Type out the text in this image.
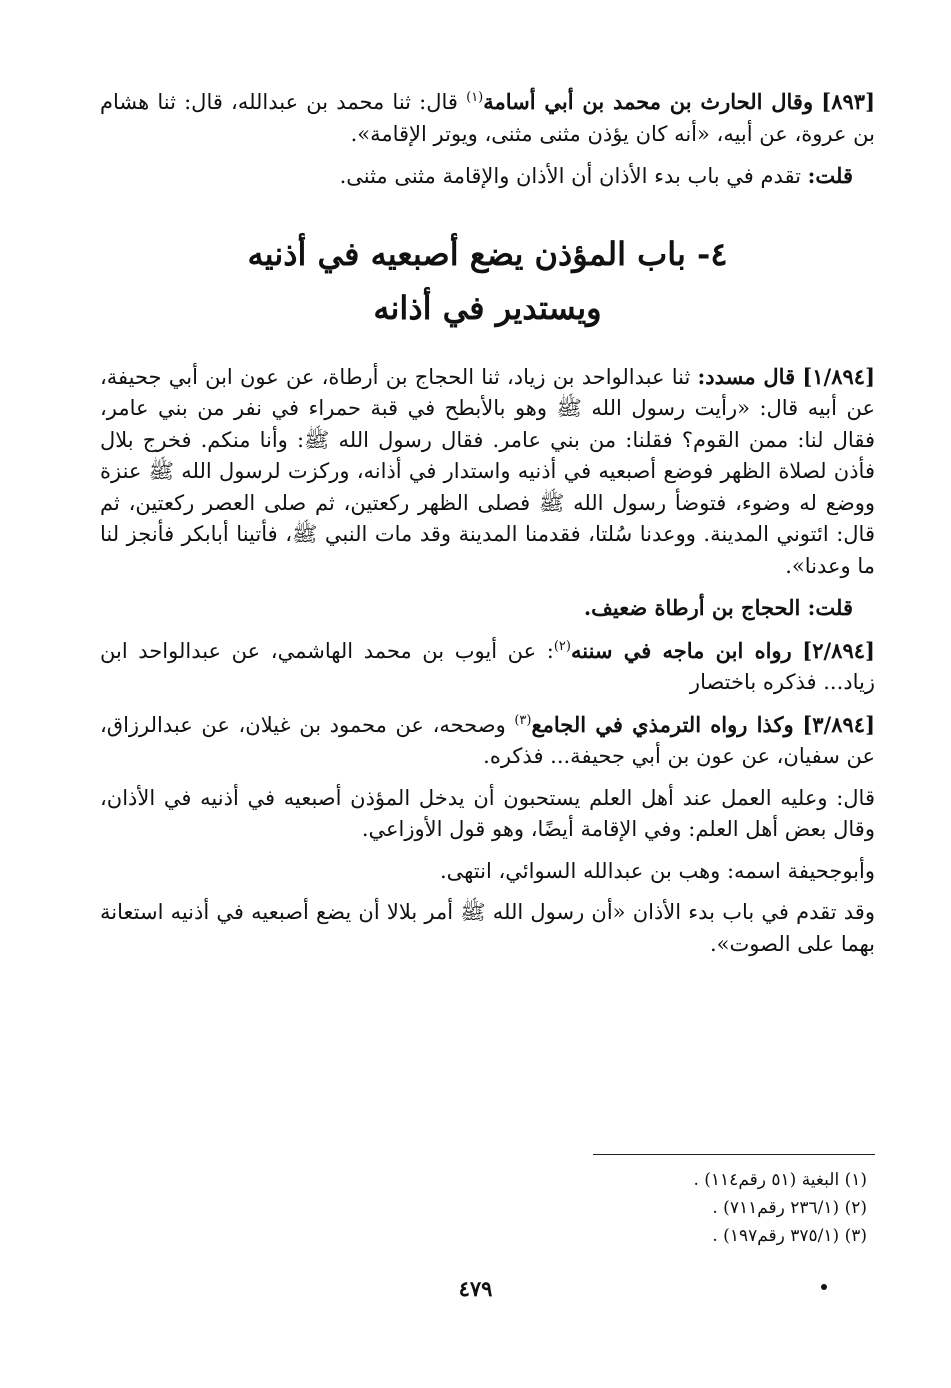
[٨٩٣] وقال الحارث بن محمد بن أبي أسامة$^{(١)}$ قال: ثنا محمد بن عبدالله، قال: ثنا هشام بن عروة، عن أبيه، «أنه كان يؤذن مثنى مثنى، ويوتر الإقامة».

قلت: تقدم في باب بدء الأذان أن الأذان والإقامة مثنى مثنى.

٤- باب المؤذن يضع أصبعيه في أذنيه
ويستدير في أذانه

[١/٨٩٤] قال مسدد: ثنا عبدالواحد بن زياد، ثنا الحجاج بن أرطاة، عن عون ابن أبي جحيفة، عن أبيه قال: «رأيت رسول الله ﷺ وهو بالأبطح في قبة حمراء في نفر من بني عامر، فقال لنا: ممن القوم؟ فقلنا: من بني عامر. فقال رسول الله ﷺ: وأنا منكم. فخرج بلال فأذن لصلاة الظهر فوضع أصبعيه في أذنيه واستدار في أذانه، وركزت لرسول الله ﷺ عنزة ووضع له وضوء، فتوضأ رسول الله ﷺ فصلى الظهر ركعتين، ثم صلى العصر ركعتين، ثم قال: ائتوني المدينة. ووعدنا سُلتا، فقدمنا المدينة وقد مات النبي ﷺ، فأتينا أبابكر فأنجز لنا ما وعدنا».

قلت: الحجاج بن أرطاة ضعيف.

[٢/٨٩٤] رواه ابن ماجه في سننه$^{(٢)}$: عن أيوب بن محمد الهاشمي، عن عبدالواحد ابن زياد... فذكره باختصار

[٣/٨٩٤] وكذا رواه الترمذي في الجامع$^{(٣)}$ وصححه، عن محمود بن غيلان، عن عبدالرزاق، عن سفيان، عن عون بن أبي جحيفة... فذكره.

قال: وعليه العمل عند أهل العلم يستحبون أن يدخل المؤذن أصبعيه في أذنيه في الأذان، وقال بعض أهل العلم: وفي الإقامة أيضًا، وهو قول الأوزاعي.

وأبوجحيفة اسمه: وهب بن عبدالله السوائي، انتهى.

وقد تقدم في باب بدء الأذان «أن رسول الله ﷺ أمر بلالا أن يضع أصبعيه في أذنيه استعانة بهما على الصوت».

(١) البغية (٥١ رقم١١٤) .
(٢) (٢٣٦/١ رقم٧١١) .
(٣) (٣٧٥/١ رقم١٩٧) .
٤٧٩
